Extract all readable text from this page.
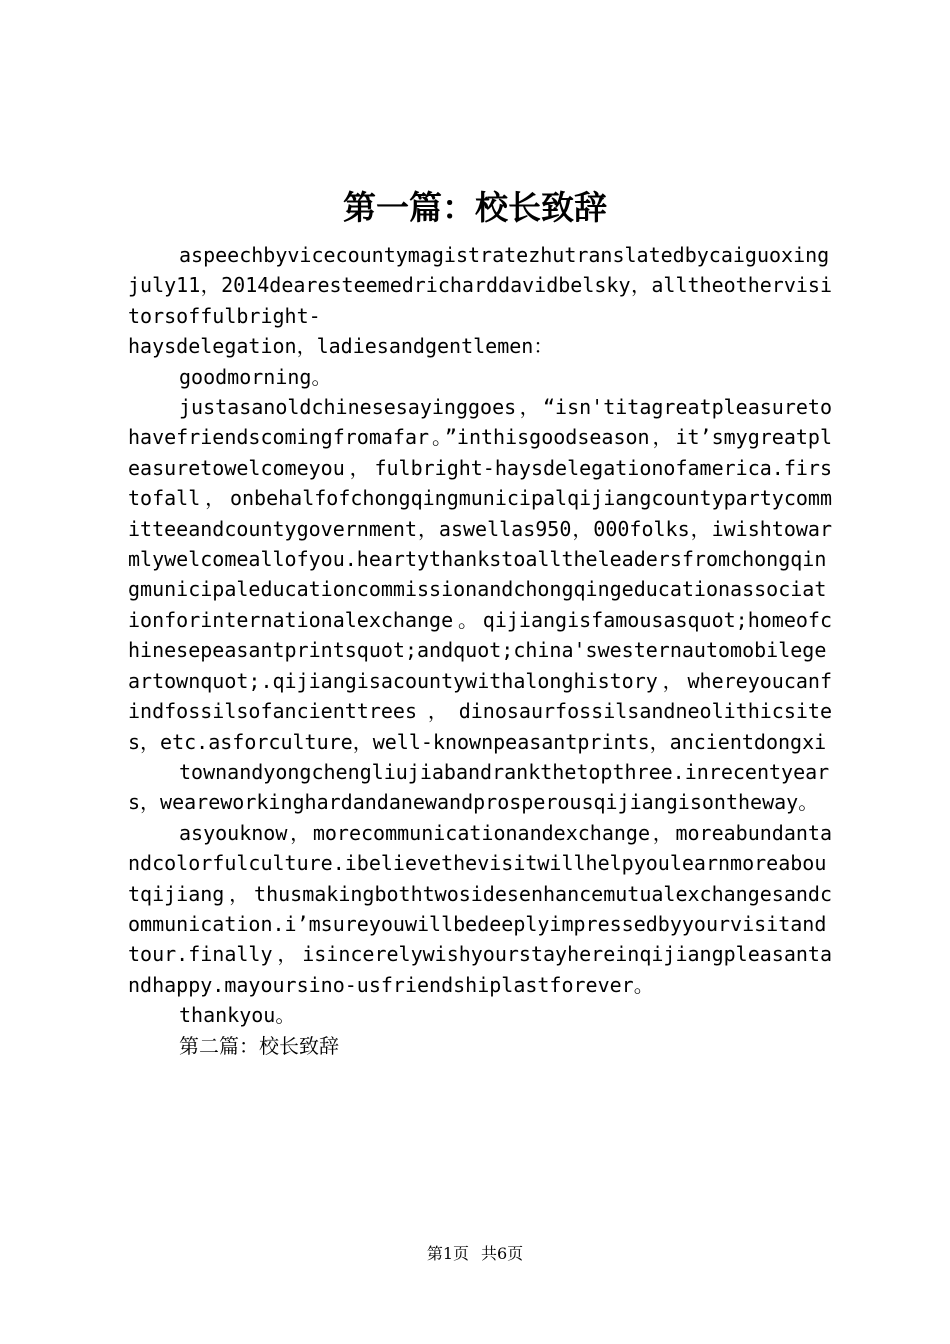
第一篇：校长致辞

aspeechbyvicecountymagistratezhutranslatedbycaiguoxingjuly11，2014dearesteemedricharddavidbelsky，alltheothervisitorsoffulbright-

haysdelegation，ladiesandgentlemen：

goodmorning。

justasanoldchinesesayinggoes，“isn'titagreatpleasuretohavefriendscomingfromafar。”inthisgoodseason，it’smygreatpleasuretowelcomeyou，fulbright-haysdelegationofamerica.firstofall，onbehalfofchongqingmunicipalqijiangcountypartycommitteeandcountygovernment，aswellas950，000folks，iwishtowarmlywelcomeallofyou.heartythankstoalltheleadersfromchongqingmunicipaleducationcommissionandchongqingeducationassociationforinternationalexchange。qijiangisfamousasquot;homeofchinesepeasantprintsquot;andquot;china'swesternautomobilegeartownquot;.qijiangisacountywithalonghistory，whereyoucanfindfossilsofancienttrees，dinosaurfossilsandneolithicsites，etc.asforculture，well-knownpeasantprints，ancientdongxi

townandyongchengliujiabandrankthetopthree.inrecentyears，weareworkinghardandanewandprosperousqijiangisontheway。

asyouknow，morecommunicationandexchange，moreabundantandcolorfulculture.ibelievethevisitwillhelpyoulearnmoreaboutqijiang，thusmakingbothtwosidesenhancemutualexchangesandcommunication.i’msureyouwillbedeeplyimpressedbyyourvisitandtour.finally，isincerelywishyourstayhereinqijiangpleasantandhappy.mayoursino-usfriendshiplastforever。

thankyou。

第二篇：校长致辞

第1页 共6页
